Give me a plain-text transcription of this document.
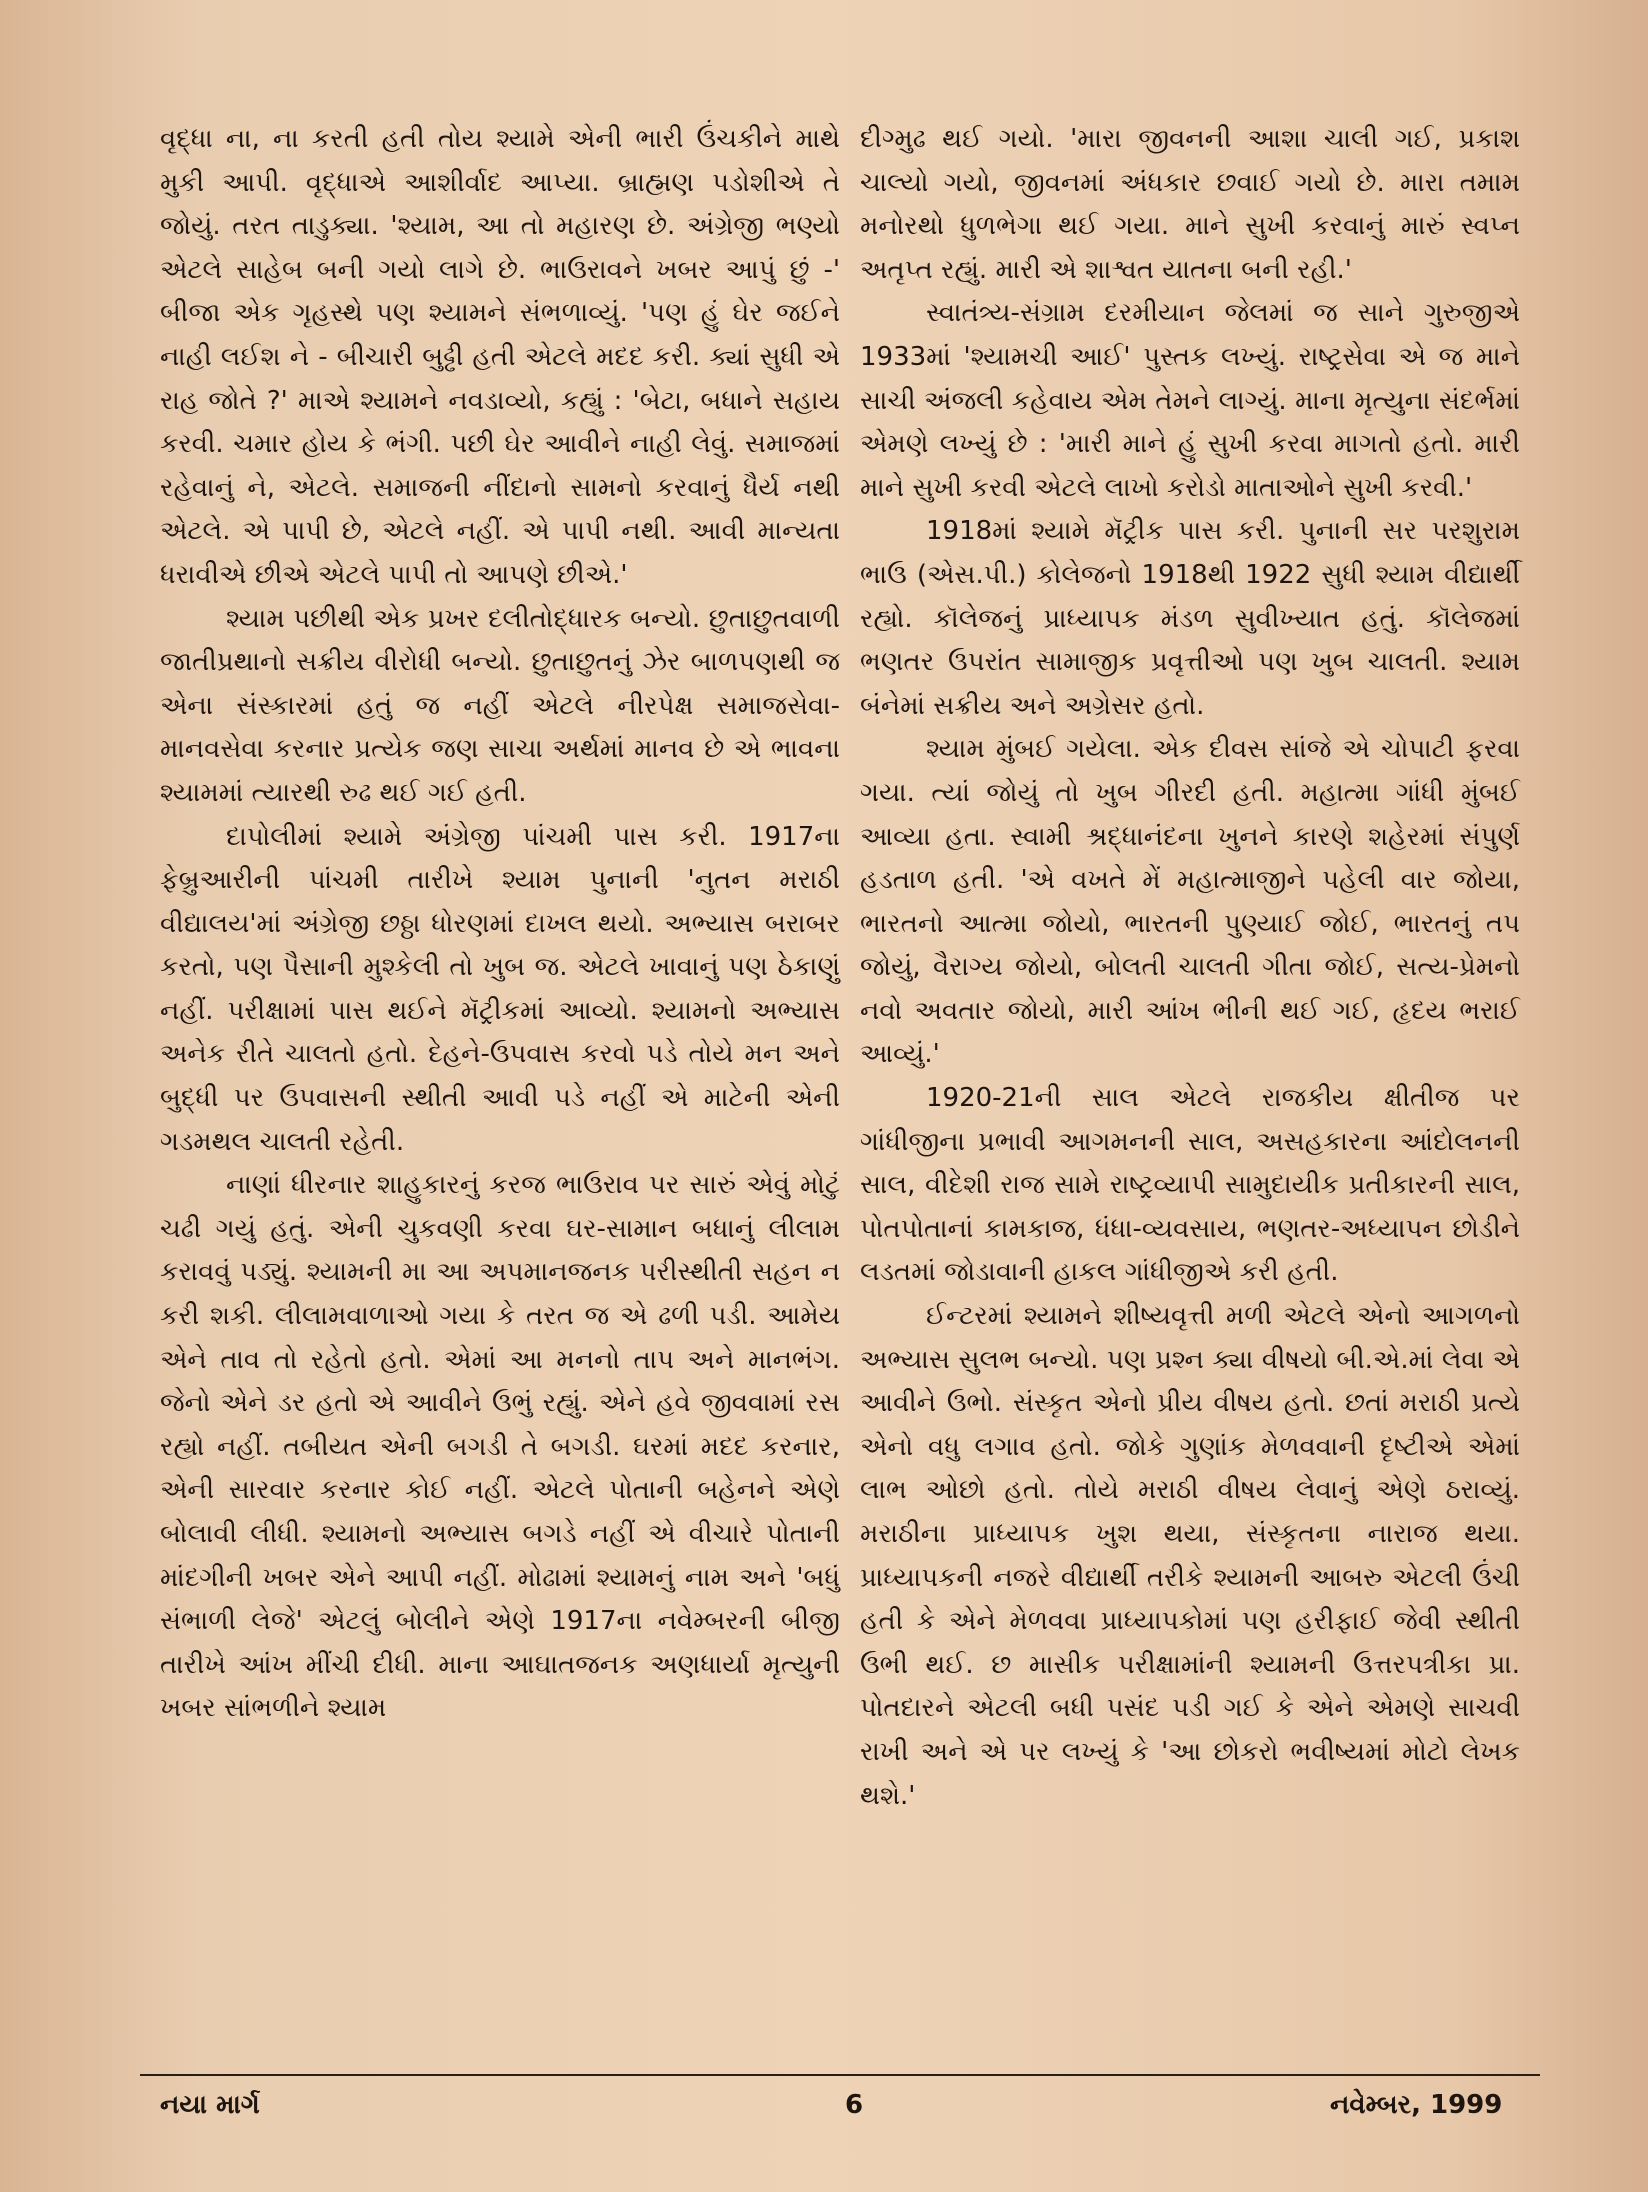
વૃદ્ધા ના, ના કરતી હતી તોય શ્યામે એની ભારી ઉંચકીને માથે મુકી આપી. વૃદ્ધાએ આશીર્વાદ આપ્યા. બ્રાહ્મણ પડોશીએ તે જોયું. તરત તાડુક્યા. 'શ્યામ, આ તો મહારણ છે. અંગ્રેજી ભણ્યો એટલે સાહેબ બની ગયો લાગે છે. ભાઉરાવને ખબર આપું છું -' બીજા એક ગૃહસ્થે પણ શ્યામને સંભળાવ્યું. 'પણ હું ઘેર જઈને નાહી લઈશ ને - બીચારી બુઢ્ઢી હતી એટલે મદદ કરી. ક્યાં સુધી એ રાહ જોતે ?' માએ શ્યામને નવડાવ્યો, કહ્યું : 'બેટા, બધાને સહાય કરવી. ચમાર હોય કે ભંગી. પછી ઘેર આવીને નાહી લેવું. સમાજમાં રહેવાનું ને, એટલે. સમાજની નીંદાનો સામનો કરવાનું ધૈર્ય નથી એટલે. એ પાપી છે, એટલે નહીં. એ પાપી નથી. આવી માન્યતા ધરાવીએ છીએ એટલે પાપી તો આપણે છીએ.'

શ્યામ પછીથી એક પ્રખર દલીતોદ્ધારક બન્યો. છુતાછુતવાળી જાતીપ્રથાનો સક્રીય વીરોધી બન્યો. છુતાછુતનું ઝેર બાળપણથી જ એના સંસ્કારમાં હતું જ નહીં એટલે નીરપેક્ષ સમાજસેવા- માનવસેવા કરનાર પ્રત્યેક જણ સાચા અર્થમાં માનવ છે એ ભાવના શ્યામમાં ત્યારથી રુઢ થઈ ગઈ હતી.

દાપોલીમાં શ્યામે અંગ્રેજી પાંચમી પાસ કરી. 1917ના ફેબ્રુઆરીની પાંચમી તારીખે શ્યામ પુનાની 'નુતન મરાઠી વીદ્યાલય'માં અંગ્રેજી છઠ્ઠા ધોરણમાં દાખલ થયો. અભ્યાસ બરાબર કરતો, પણ પૈસાની મુશ્કેલી તો ખુબ જ. એટલે ખાવાનું પણ ઠેકાણું નહીં. પરીક્ષામાં પાસ થઈને મૅટ્રીકમાં આવ્યો. શ્યામનો અભ્યાસ અનેક રીતે ચાલતો હતો. દેહને-ઉપવાસ કરવો પડે તોયે મન અને બુદ્ધી પર ઉપવાસની સ્થીતી આવી પડે નહીં એ માટેની એની ગડમથલ ચાલતી રહેતી.

નાણાં ધીરનાર શાહુકારનું કરજ ભાઉરાવ પર સારું એવું મોટું ચઢી ગયું હતું. એની ચુકવણી કરવા ઘર-સામાન બધાનું લીલામ કરાવવું પડ્યું. શ્યામની મા આ અપમાનજનક પરીસ્થીતી સહન ન કરી શકી. લીલામવાળાઓ ગયા કે તરત જ એ ઢળી પડી. આમેય એને તાવ તો રહેતો હતો. એમાં આ મનનો તાપ અને માનભંગ. જેનો એને ડર હતો એ આવીને ઉભું રહ્યું. એને હવે જીવવામાં રસ રહ્યો નહીં. તબીયત એની બગડી તે બગડી. ઘરમાં મદદ કરનાર, એની સારવાર કરનાર કોઈ નહીં. એટલે પોતાની બહેનને એણે બોલાવી લીધી. શ્યામનો અભ્યાસ બગડે નહીં એ વીચારે પોતાની માંદગીની ખબર એને આપી નહીં. મોઢામાં શ્યામનું નામ અને 'બધું સંભાળી લેજે' એટલું બોલીને એણે 1917ના નવેમ્બરની બીજી તારીખે આંખ મીંચી દીધી. માના આઘાતજનક અણધાર્યા મૃત્યુની ખબર સાંભળીને શ્યામ

દીગ્મુઢ થઈ ગયો. 'મારા જીવનની આશા ચાલી ગઈ, પ્રકાશ ચાલ્યો ગયો, જીવનમાં અંધકાર છવાઈ ગયો છે. મારા તમામ મનોરથો ધુળભેગા થઈ ગયા. માને સુખી કરવાનું મારું સ્વપ્ન અતૃપ્ત રહ્યું. મારી એ શાશ્વત યાતના બની રહી.'

સ્વાતંત્ર્ય-સંગ્રામ દરમીયાન જેલમાં જ સાને ગુરુજીએ 1933માં 'શ્યામચી આઈ' પુસ્તક લખ્યું. રાષ્ટ્રસેવા એ જ માને સાચી અંજલી કહેવાય એમ તેમને લાગ્યું. માના મૃત્યુના સંદર્ભમાં એમણે લખ્યું છે : 'મારી માને હું સુખી કરવા માગતો હતો. મારી માને સુખી કરવી એટલે લાખો કરોડો માતાઓને સુખી કરવી.'

1918માં શ્યામે મૅટ્રીક પાસ કરી. પુનાની સર પરશુરામ ભાઉ (એસ.પી.) કોલેજનો 1918થી 1922 સુધી શ્યામ વીદ્યાર્થી રહ્યો. કૉલેજનું પ્રાધ્યાપક મંડળ સુવીખ્યાત હતું. કૉલેજમાં ભણતર ઉપરાંત સામાજીક પ્રવૃત્તીઓ પણ ખુબ ચાલતી. શ્યામ બંનેમાં સક્રીય અને અગ્રેસર હતો.

શ્યામ મુંબઈ ગયેલા. એક દીવસ સાંજે એ ચોપાટી ફરવા ગયા. ત્યાં જોયું તો ખુબ ગીરદી હતી. મહાત્મા ગાંધી મુંબઈ આવ્યા હતા. સ્વામી શ્રદ્ધાનંદના ખુનને કારણે શહેરમાં સંપુર્ણ હડતાળ હતી. 'એ વખતે મેં મહાત્માજીને પહેલી વાર જોયા, ભારતનો આત્મા જોયો, ભારતની પુણ્યાઈ જોઈ, ભારતનું તપ જોયું, વૈરાગ્ય જોયો, બોલતી ચાલતી ગીતા જોઈ, સત્ય-પ્રેમનો નવો અવતાર જોયો, મારી આંખ ભીની થઈ ગઈ, હૃદય ભરાઈ આવ્યું.'

1920-21ની સાલ એટલે રાજકીય ક્ષીતીજ પર ગાંધીજીના પ્રભાવી આગમનની સાલ, અસહકારના આંદોલનની સાલ, વીદેશી રાજ સામે રાષ્ટ્રવ્યાપી સામુદાયીક પ્રતીકારની સાલ, પોતપોતાનાં કામકાજ, ધંધા-વ્યવસાય, ભણતર-અધ્યાપન છોડીને લડતમાં જોડાવાની હાકલ ગાંધીજીએ કરી હતી.

ઈન્ટરમાં શ્યામને શીષ્યવૃત્તી મળી એટલે એનો આગળનો અભ્યાસ સુલભ બન્યો. પણ પ્રશ્ન ક્યા વીષયો બી.એ.માં લેવા એ આવીને ઉભો. સંસ્કૃત એનો પ્રીય વીષય હતો. છતાં મરાઠી પ્રત્યે એનો વધુ લગાવ હતો. જોકે ગુણાંક મેળવવાની દૃષ્ટીએ એમાં લાભ ઓછો હતો. તોયે મરાઠી વીષય લેવાનું એણે ઠરાવ્યું. મરાઠીના પ્રાધ્યાપક ખુશ થયા, સંસ્કૃતના નારાજ થયા. પ્રાધ્યાપકની નજરે વીદ્યાર્થી તરીકે શ્યામની આબરુ એટલી ઉંચી હતી કે એને મેળવવા પ્રાધ્યાપકોમાં પણ હરીફાઈ જેવી સ્થીતી ઉભી થઈ. છ માસીક પરીક્ષામાંની શ્યામની ઉત્તરપત્રીકા પ્રા. પોતદારને એટલી બધી પસંદ પડી ગઈ કે એને એમણે સાચવી રાખી અને એ પર લખ્યું કે 'આ છોકરો ભવીષ્યમાં મોટો લેખક થશે.'

નયા માર્ગ	6	નવેમ્બર, 1999
